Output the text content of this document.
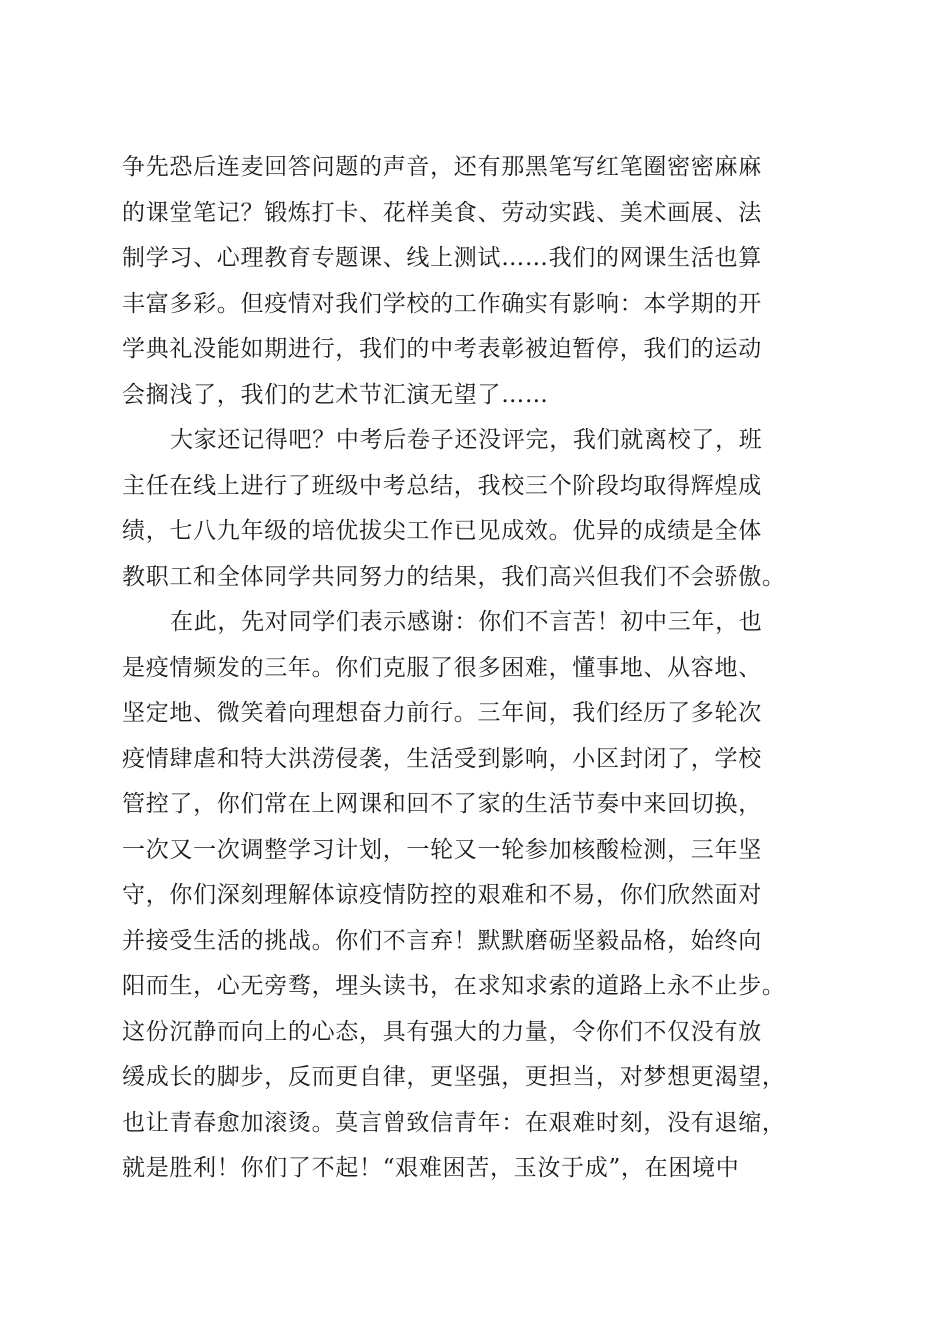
争先恐后连麦回答问题的声音，还有那黑笔写红笔圈密密麻麻
的课堂笔记？锻炼打卡、花样美食、劳动实践、美术画展、法
制学习、心理教育专题课、线上测试……我们的网课生活也算
丰富多彩。但疫情对我们学校的工作确实有影响：本学期的开
学典礼没能如期进行，我们的中考表彰被迫暂停，我们的运动
会搁浅了，我们的艺术节汇演无望了……
大家还记得吧？中考后卷子还没评完，我们就离校了，班
主任在线上进行了班级中考总结，我校三个阶段均取得辉煌成
绩，七八九年级的培优拔尖工作已见成效。优异的成绩是全体
教职工和全体同学共同努力的结果，我们高兴但我们不会骄傲。
在此，先对同学们表示感谢：你们不言苦！初中三年，也
是疫情频发的三年。你们克服了很多困难，懂事地、从容地、
坚定地、微笑着向理想奋力前行。三年间，我们经历了多轮次
疫情肆虐和特大洪涝侵袭，生活受到影响，小区封闭了，学校
管控了，你们常在上网课和回不了家的生活节奏中来回切换，
一次又一次调整学习计划，一轮又一轮参加核酸检测，三年坚
守，你们深刻理解体谅疫情防控的艰难和不易，你们欣然面对
并接受生活的挑战。你们不言弃！默默磨砺坚毅品格，始终向
阳而生，心无旁骛，埋头读书，在求知求索的道路上永不止步。
这份沉静而向上的心态，具有强大的力量，令你们不仅没有放
缓成长的脚步，反而更自律，更坚强，更担当，对梦想更渴望，
也让青春愈加滚烫。莫言曾致信青年：在艰难时刻，没有退缩，
就是胜利！你们了不起！“艰难困苦，玉汝于成”，在困境中
